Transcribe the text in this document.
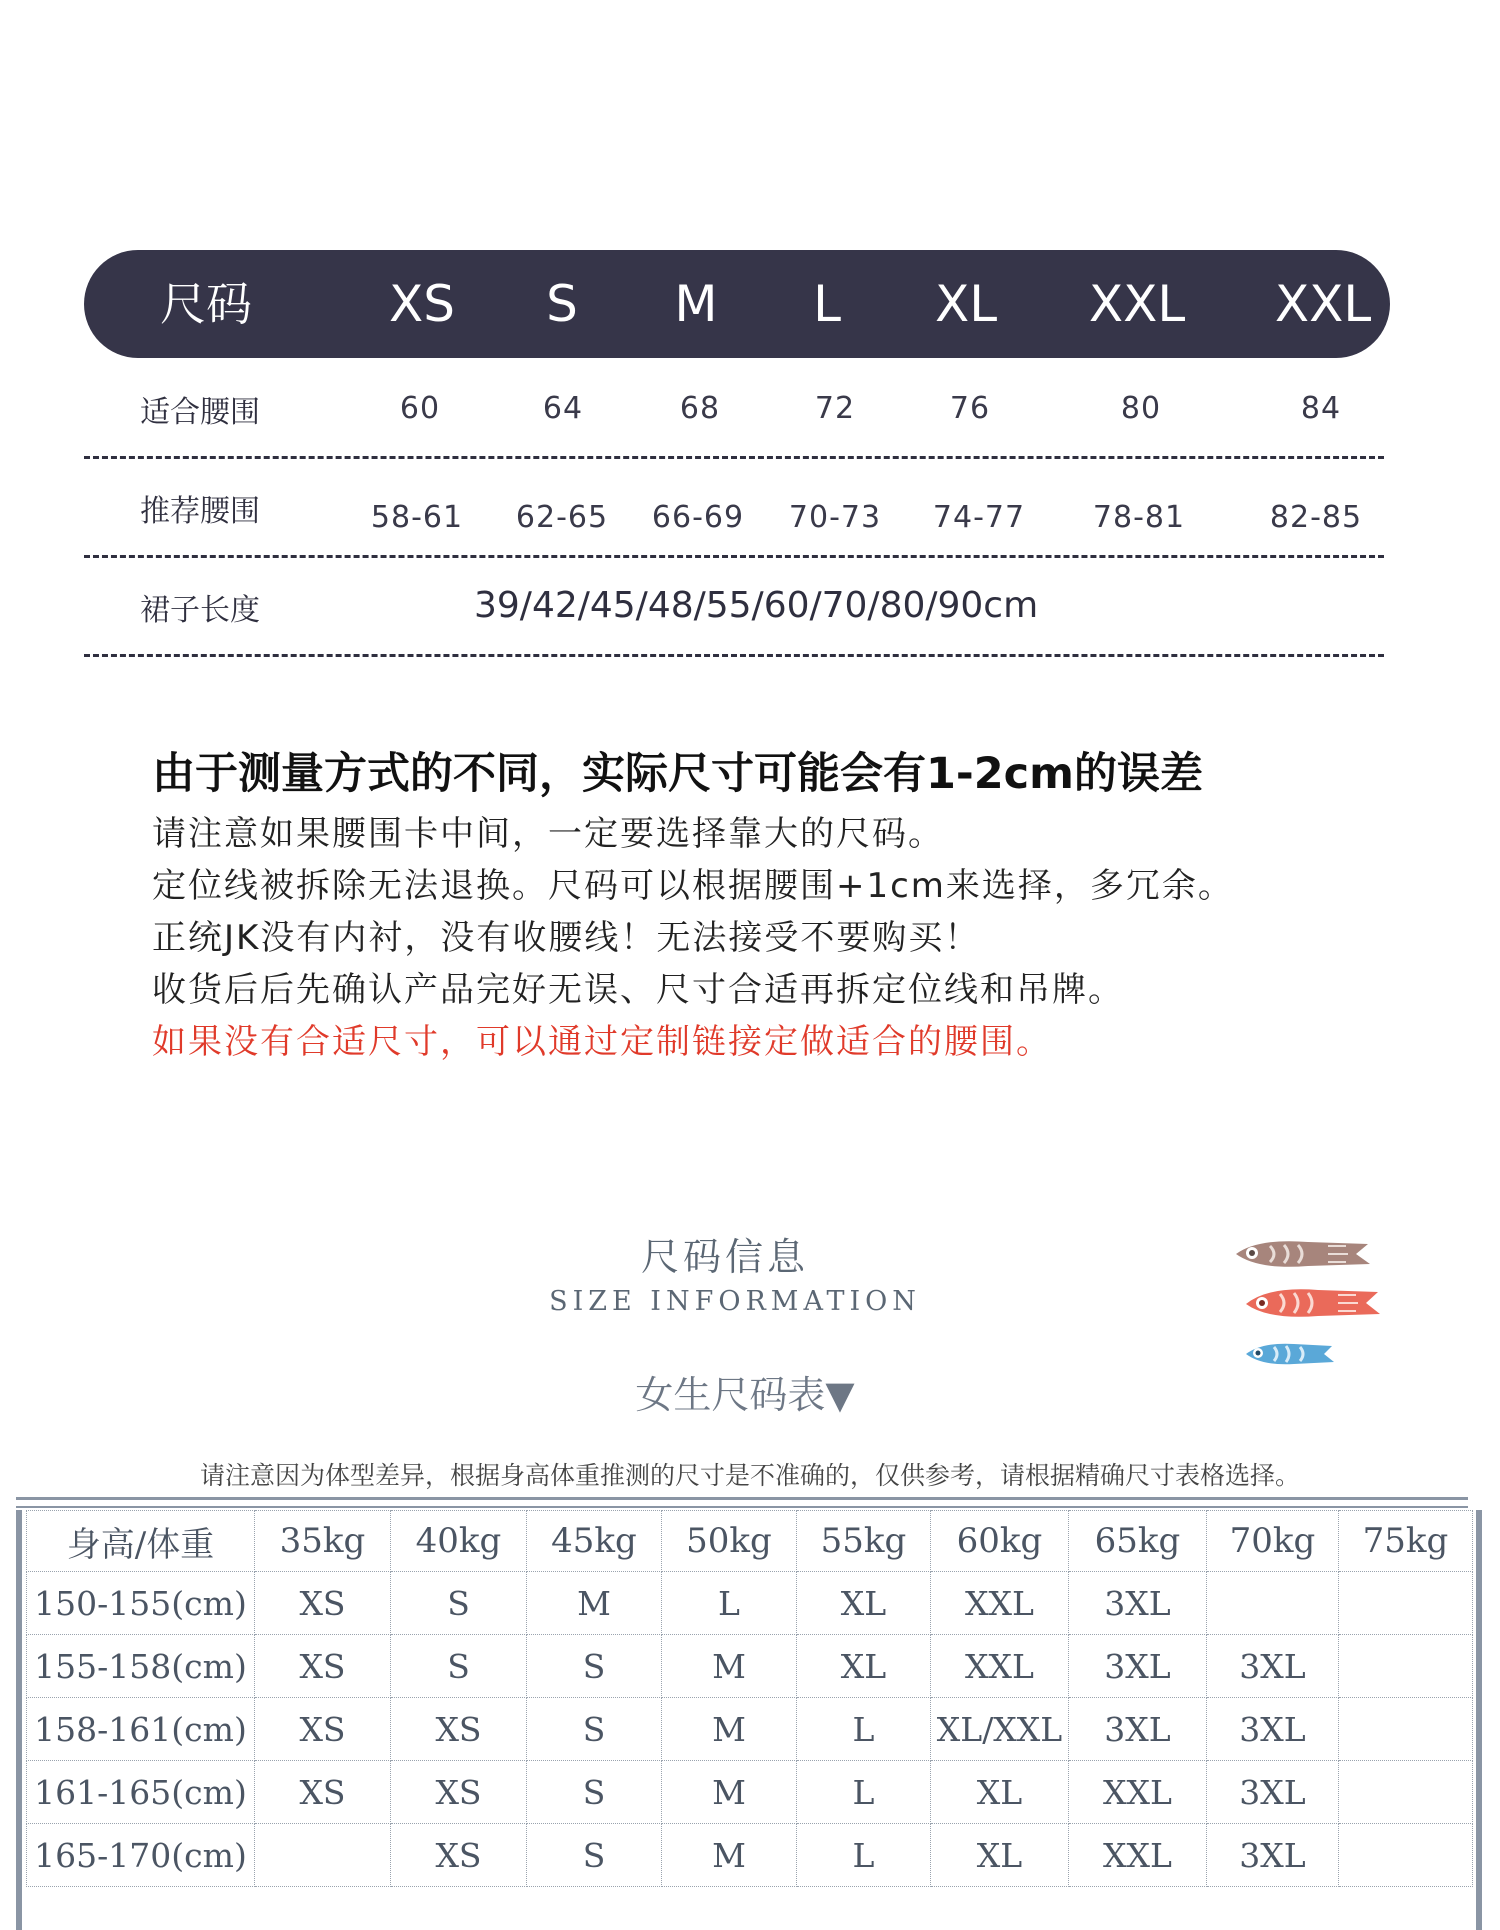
尺码	XS S M L XL XXL XXL
适合腰围	60	64	68	72	76	80	84
推荐腰围	58-61 62-65 66-69 70-73 74-77 78-81	82-85
裙子长度	39/42/45/48/55/60/70/80/90cm
由于测量方式的不同，实际尺寸可能会有1-2cm的误差
请注意如果腰围卡中间，一定要选择靠大的尺码。
定位线被拆除无法退换。尺码可以根据腰围+1cm来选择，多冗余。
正统JK没有内衬，没有收腰线！无法接受不要购买！
收货后后先确认产品完好无误、尺寸合适再拆定位线和吊牌。
如果没有合适尺寸，可以通过定制链接定做适合的腰围。
尺码信息
SIZE INFORMATION
女生尺码表▼
请注意因为体型差异，根据身高体重推测的尺寸是不准确的，仅供参考，请根据精确尺寸表格选择。
身高/体重	35kg	40kg	45kg	50kg	55kg	60kg	65kg	70kg	75kg
150-155(cm)	XS	S	M	L	XL	XXL	3XL		
155-158(cm)	XS	S	S	M	XL	XXL	3XL	3XL	
158-161(cm)	XS	XS	S	M	L	XL/XXL	3XL	3XL	
161-165(cm)	XS	XS	S	M	L	XL	XXL	3XL	
165-170(cm)		XS	S	M	L	XL	XXL	3XL	
